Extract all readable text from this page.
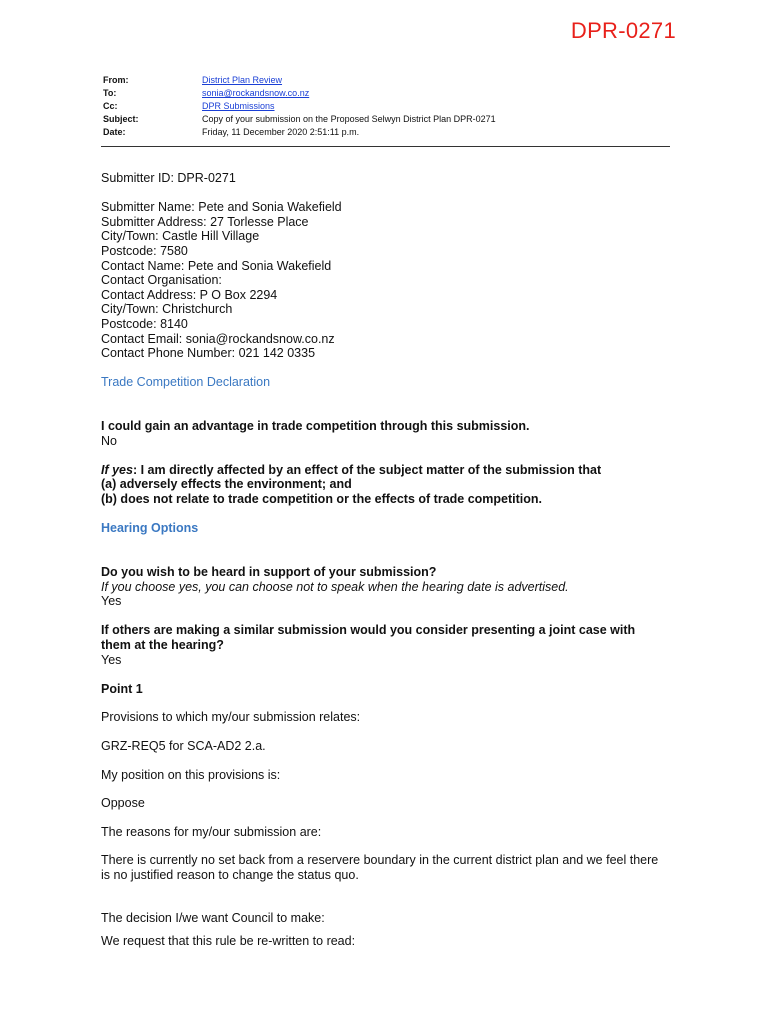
DPR-0271
From:	District Plan Review
To:	sonia@rockandsnow.co.nz
Cc:	DPR Submissions
Subject:	Copy of your submission on the Proposed Selwyn District Plan DPR-0271
Date:	Friday, 11 December 2020 2:51:11 p.m.
Submitter ID: DPR-0271
Submitter Name: Pete and Sonia Wakefield
Submitter Address: 27 Torlesse Place
City/Town: Castle Hill Village
Postcode: 7580
Contact Name: Pete and Sonia Wakefield
Contact Organisation:
Contact Address: P O Box 2294
City/Town: Christchurch
Postcode: 8140
Contact Email: sonia@rockandsnow.co.nz
Contact Phone Number: 021 142 0335
Trade Competition Declaration
I could gain an advantage in trade competition through this submission.
No
If yes: I am directly affected by an effect of the subject matter of the submission that
(a) adversely effects the environment; and
(b) does not relate to trade competition or the effects of trade competition.
Hearing Options
Do you wish to be heard in support of your submission?
If you choose yes, you can choose not to speak when the hearing date is advertised.
Yes
If others are making a similar submission would you consider presenting a joint case with
them at the hearing?
Yes
Point 1
Provisions to which my/our submission relates:
GRZ-REQ5 for SCA-AD2 2.a.
My position on this provisions is:
Oppose
The reasons for my/our submission are:
There is currently no set back from a reservere boundary in the current district plan and we feel there
is no justified reason to change the status quo.
The decision I/we want Council to make:
We request that this rule be re-written to read:
